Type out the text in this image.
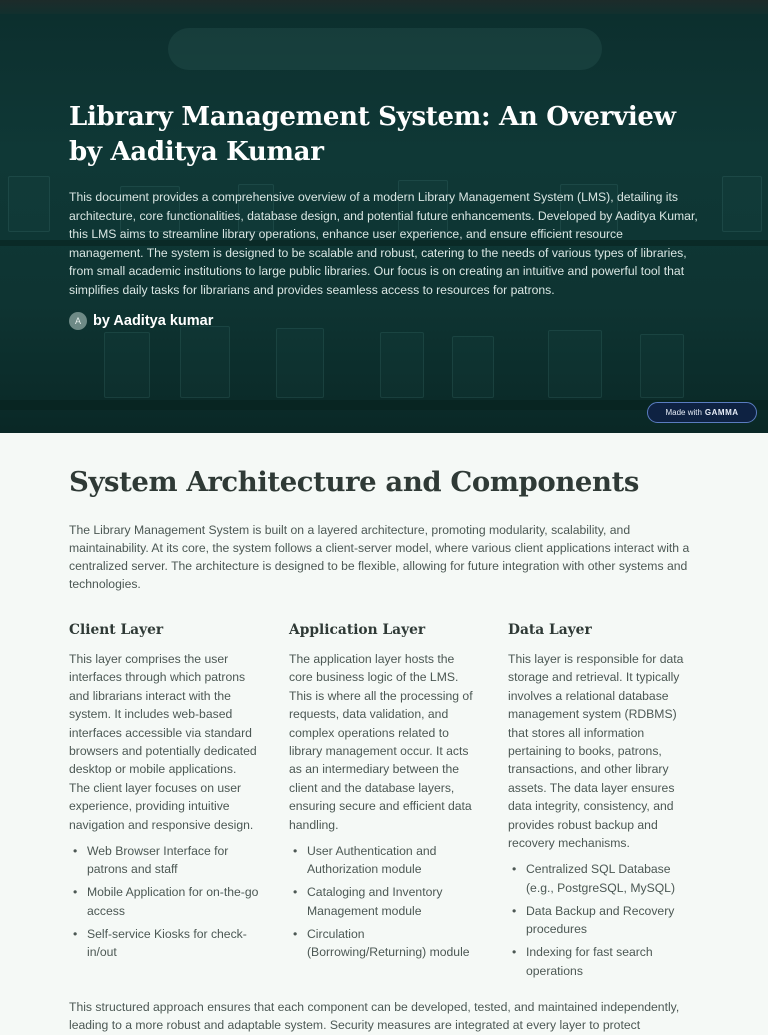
Library Management System: An Overview by Aaditya Kumar

This document provides a comprehensive overview of a modern Library Management System (LMS), detailing its architecture, core functionalities, database design, and potential future enhancements. Developed by Aaditya Kumar, this LMS aims to streamline library operations, enhance user experience, and ensure efficient resource management. The system is designed to be scalable and robust, catering to the needs of various types of libraries, from small academic institutions to large public libraries. Our focus is on creating an intuitive and powerful tool that simplifies daily tasks for librarians and provides seamless access to resources for patrons.

A by Aaditya kumar
Made with GAMMA
System Architecture and Components

The Library Management System is built on a layered architecture, promoting modularity, scalability, and maintainability. At its core, the system follows a client-server model, where various client applications interact with a centralized server. The architecture is designed to be flexible, allowing for future integration with other systems and technologies.

Client Layer

This layer comprises the user interfaces through which patrons and librarians interact with the system. It includes web-based interfaces accessible via standard browsers and potentially dedicated desktop or mobile applications. The client layer focuses on user experience, providing intuitive navigation and responsive design.

• Web Browser Interface for patrons and staff
• Mobile Application for on-the-go access
• Self-service Kiosks for check-in/out
Application Layer

The application layer hosts the core business logic of the LMS. This is where all the processing of requests, data validation, and complex operations related to library management occur. It acts as an intermediary between the client and the database layers, ensuring secure and efficient data handling.

• User Authentication and Authorization module
• Cataloging and Inventory Management module
• Circulation (Borrowing/Returning) module
Data Layer

This layer is responsible for data storage and retrieval. It typically involves a relational database management system (RDBMS) that stores all information pertaining to books, patrons, transactions, and other library assets. The data layer ensures data integrity, consistency, and provides robust backup and recovery mechanisms.

• Centralized SQL Database (e.g., PostgreSQL, MySQL)
• Data Backup and Recovery procedures
• Indexing for fast search operations

This structured approach ensures that each component can be developed, tested, and maintained independently, leading to a more robust and adaptable system. Security measures are integrated at every layer to protect
